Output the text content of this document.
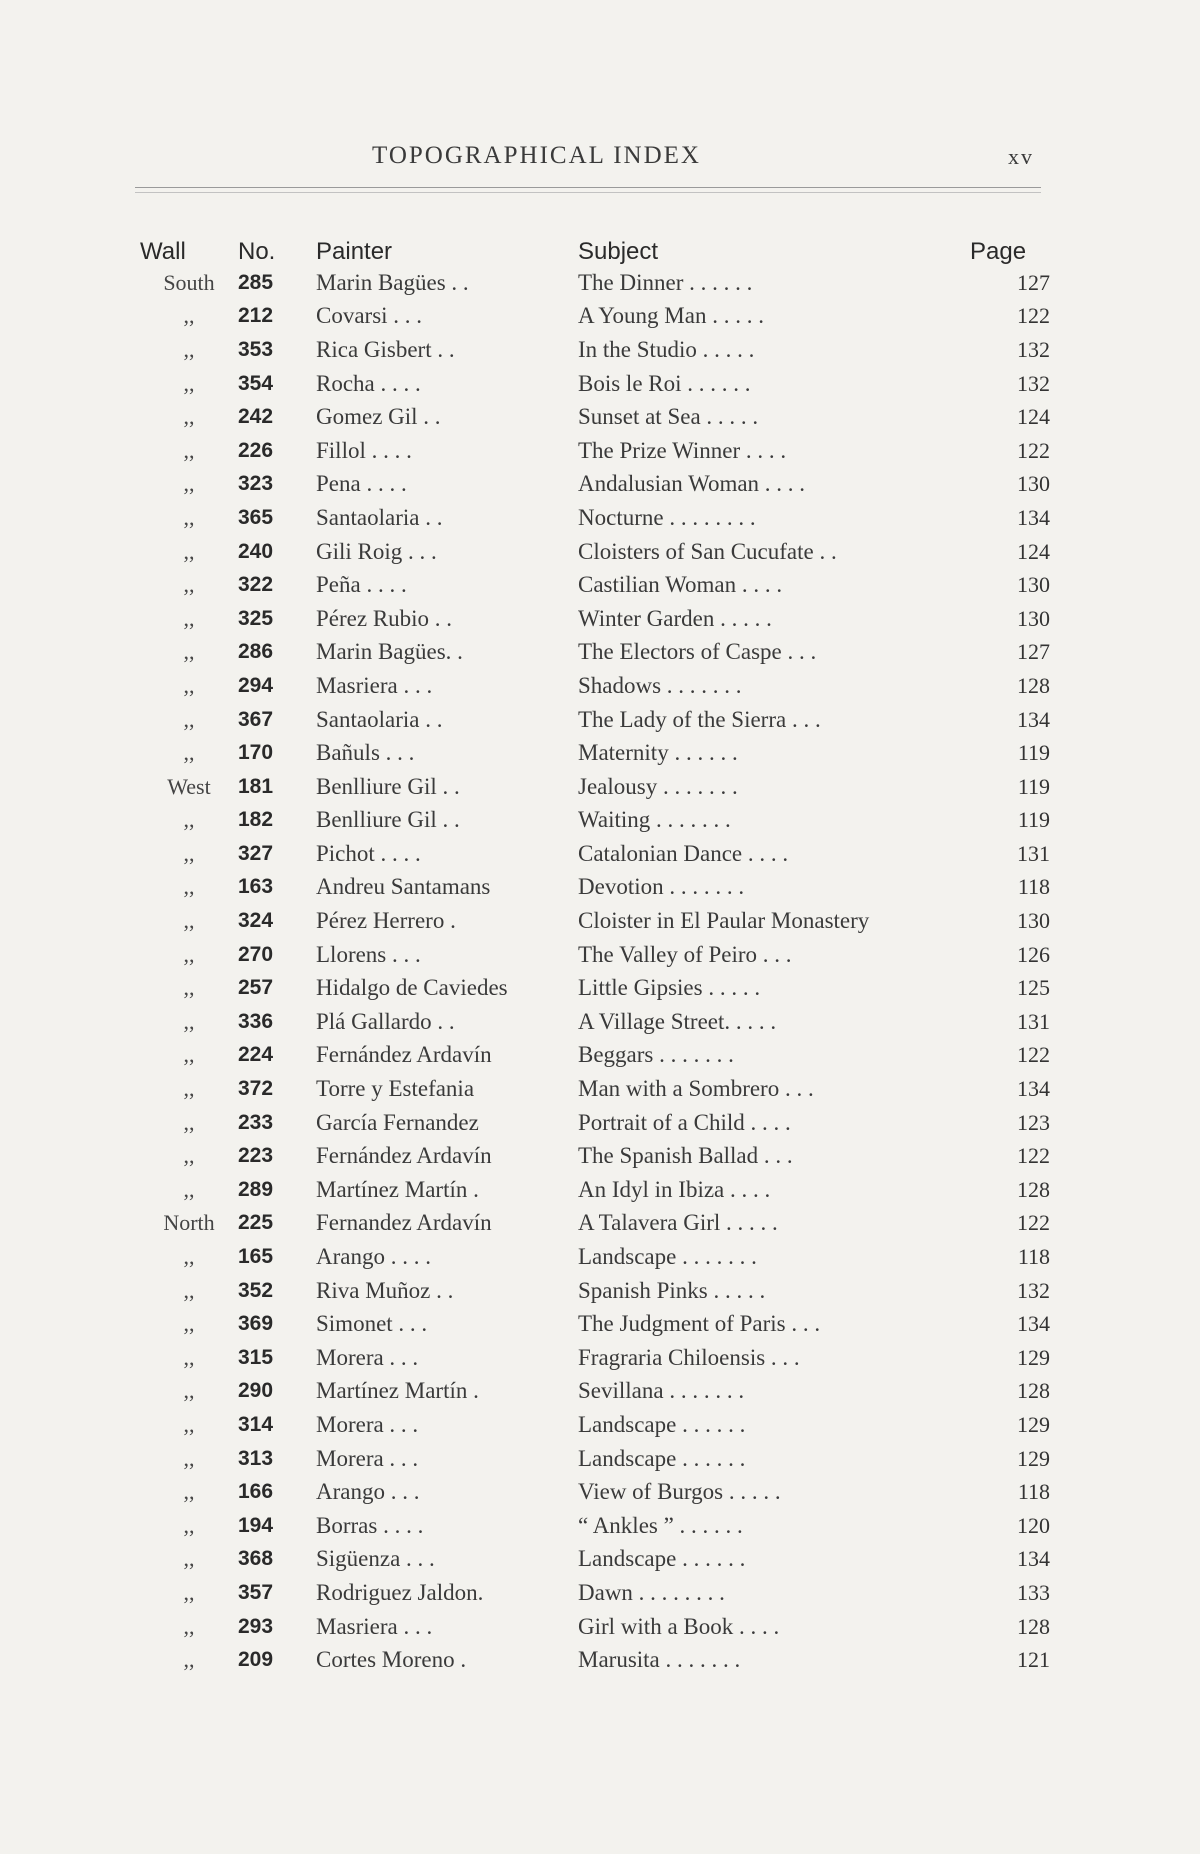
TOPOGRAPHICAL INDEX	xv
Wall	No.	Painter	Subject	Page
South	285	Marin Bagües . .	The Dinner . . . . . .	127
,,	212	Covarsi . . .	A Young Man . . . . .	122
,,	353	Rica Gisbert . .	In the Studio . . . . .	132
,,	354	Rocha . . . .	Bois le Roi . . . . . .	132
,,	242	Gomez Gil . .	Sunset at Sea . . . . .	124
,,	226	Fillol . . . .	The Prize Winner . . . .	122
,,	323	Pena . . . .	Andalusian Woman . . . .	130
,,	365	Santaolaria . .	Nocturne . . . . . . . .	134
,,	240	Gili Roig . . .	Cloisters of San Cucufate . .	124
,,	322	Peña . . . .	Castilian Woman . . . .	130
,,	325	Pérez Rubio . .	Winter Garden . . . . .	130
,,	286	Marin Bagües. .	The Electors of Caspe . . .	127
,,	294	Masriera . . .	Shadows . . . . . . .	128
,,	367	Santaolaria . .	The Lady of the Sierra . . .	134
,,	170	Bañuls . . .	Maternity . . . . . .	119
West	181	Benlliure Gil . .	Jealousy . . . . . . .	119
,,	182	Benlliure Gil . .	Waiting . . . . . . .	119
,,	327	Pichot . . . .	Catalonian Dance . . . .	131
,,	163	Andreu Santamans	Devotion . . . . . . .	118
,,	324	Pérez Herrero .	Cloister in El Paular Monastery	130
,,	270	Llorens . . .	The Valley of Peiro . . .	126
,,	257	Hidalgo de Caviedes	Little Gipsies . . . . .	125
,,	336	Plá Gallardo . .	A Village Street. . . . .	131
,,	224	Fernández Ardavín	Beggars . . . . . . .	122
,,	372	Torre y Estefania	Man with a Sombrero . . .	134
,,	233	García Fernandez	Portrait of a Child . . . .	123
,,	223	Fernández Ardavín	The Spanish Ballad . . .	122
,,	289	Martínez Martín .	An Idyl in Ibiza . . . .	128
North	225	Fernandez Ardavín	A Talavera Girl . . . . .	122
,,	165	Arango . . . .	Landscape . . . . . . .	118
,,	352	Riva Muñoz . .	Spanish Pinks . . . . .	132
,,	369	Simonet . . .	The Judgment of Paris . . .	134
,,	315	Morera . . .	Fragraria Chiloensis . . .	129
,,	290	Martínez Martín .	Sevillana . . . . . . .	128
,,	314	Morera . . .	Landscape . . . . . .	129
,,	313	Morera . . .	Landscape . . . . . .	129
,,	166	Arango . . .	View of Burgos . . . . .	118
,,	194	Borras . . . .	“ Ankles ” . . . . . .	120
,,	368	Sigüenza . . .	Landscape . . . . . .	134
,,	357	Rodriguez Jaldon.	Dawn . . . . . . . .	133
,,	293	Masriera . . .	Girl with a Book . . . .	128
,,	209	Cortes Moreno .	Marusita . . . . . . .	121
